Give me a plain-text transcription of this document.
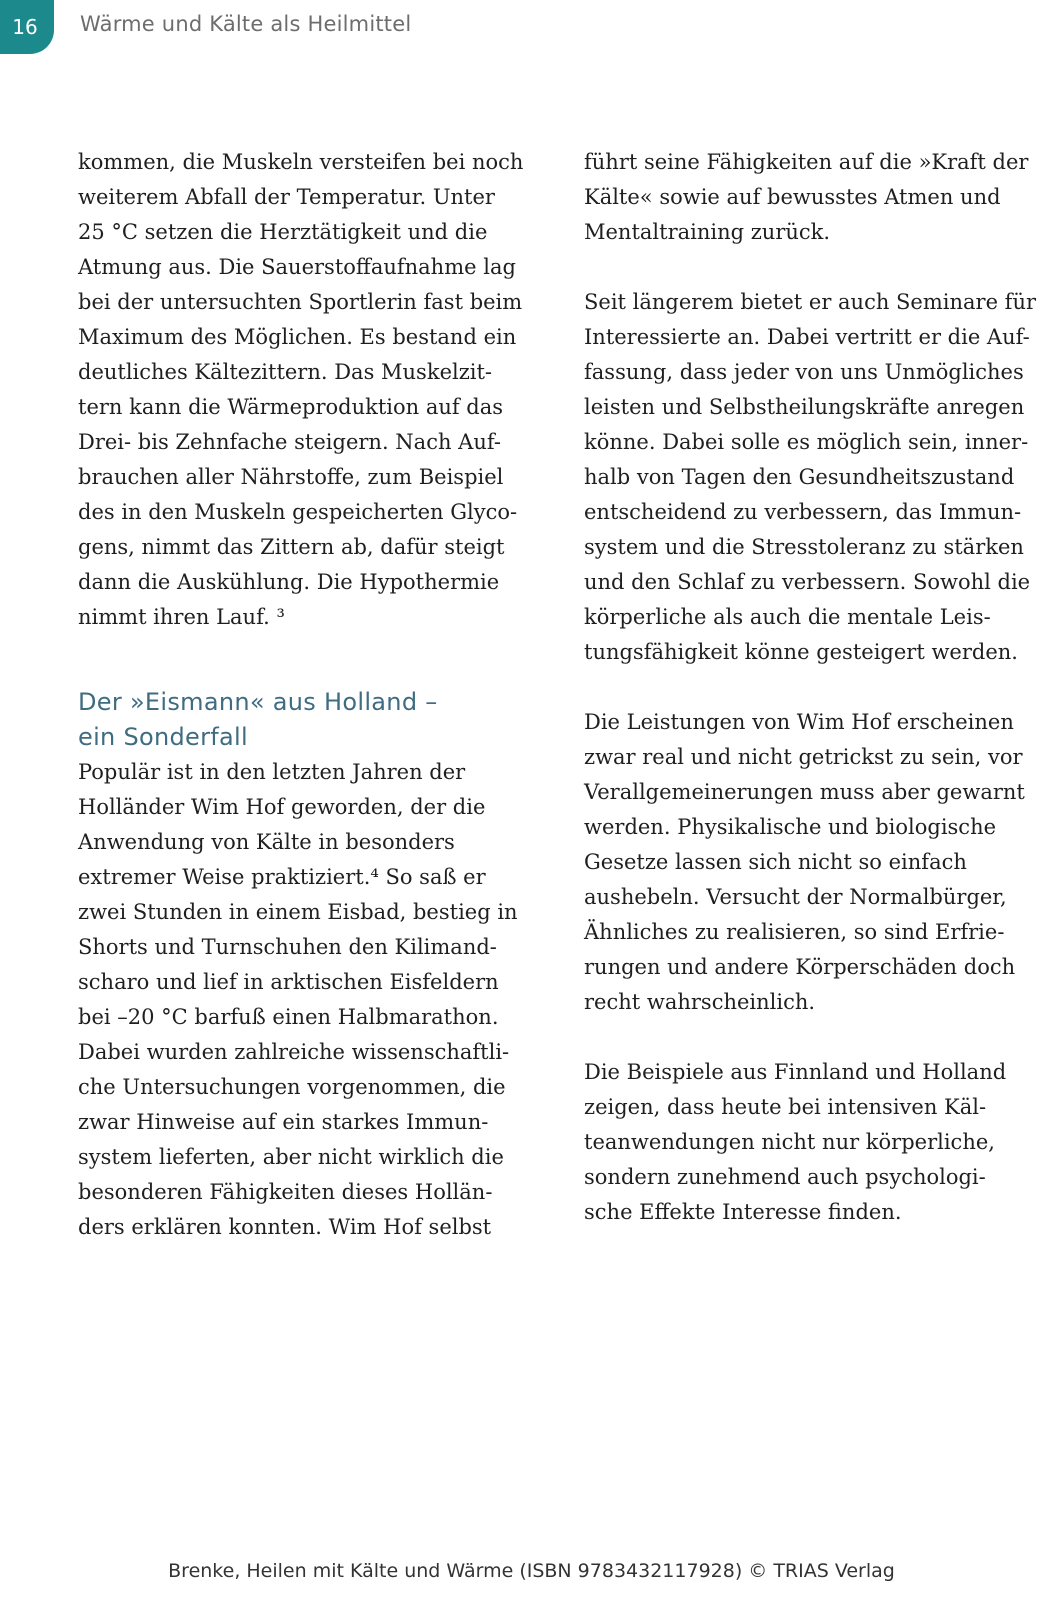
16	Wärme und Kälte als Heilmittel
kommen, die Muskeln versteifen bei noch
weiterem Abfall der Temperatur. Unter
25 °C setzen die Herztätigkeit und die
Atmung aus. Die Sauerstoffaufnahme lag
bei der untersuchten Sportlerin fast beim
Maximum des Möglichen. Es bestand ein
deutliches Kältezittern. Das Muskelzit-
tern kann die Wärmeproduktion auf das
Drei- bis Zehnfache steigern. Nach Auf-
brauchen aller Nährstoffe, zum Beispiel
des in den Muskeln gespeicherten Glyco-
gens, nimmt das Zittern ab, dafür steigt
dann die Auskühlung. Die Hypothermie
nimmt ihren Lauf. ³
Der »Eismann« aus Holland –
ein Sonderfall
Populär ist in den letzten Jahren der
Holländer Wim Hof geworden, der die
Anwendung von Kälte in besonders
extremer Weise praktiziert.⁴ So saß er
zwei Stunden in einem Eisbad, bestieg in
Shorts und Turnschuhen den Kilimand-
scharo und lief in arktischen Eisfeldern
bei –20 °C barfuß einen Halbmarathon.
Dabei wurden zahlreiche wissenschaftli-
che Untersuchungen vorgenommen, die
zwar Hinweise auf ein starkes Immun-
system lieferten, aber nicht wirklich die
besonderen Fähigkeiten dieses Hollän-
ders erklären konnten. Wim Hof selbst
führt seine Fähigkeiten auf die »Kraft der
Kälte« sowie auf bewusstes Atmen und
Mentaltraining zurück.
Seit längerem bietet er auch Seminare für
Interessierte an. Dabei vertritt er die Auf-
fassung, dass jeder von uns Unmögliches
leisten und Selbstheilungskräfte anregen
könne. Dabei solle es möglich sein, inner-
halb von Tagen den Gesundheitszustand
entscheidend zu verbessern, das Immun-
system und die Stresstoleranz zu stärken
und den Schlaf zu verbessern. Sowohl die
körperliche als auch die mentale Leis-
tungsfähigkeit könne gesteigert werden.
Die Leistungen von Wim Hof erscheinen
zwar real und nicht getrickst zu sein, vor
Verallgemeinerungen muss aber gewarnt
werden. Physikalische und biologische
Gesetze lassen sich nicht so einfach
aushebeln. Versucht der Normalbürger,
Ähnliches zu realisieren, so sind Erfrie-
rungen und andere Körperschäden doch
recht wahrscheinlich.
Die Beispiele aus Finnland und Holland
zeigen, dass heute bei intensiven Käl-
teanwendungen nicht nur körperliche,
sondern zunehmend auch psychologi-
sche Effekte Interesse finden.
Brenke, Heilen mit Kälte und Wärme (ISBN 9783432117928) © TRIAS Verlag
